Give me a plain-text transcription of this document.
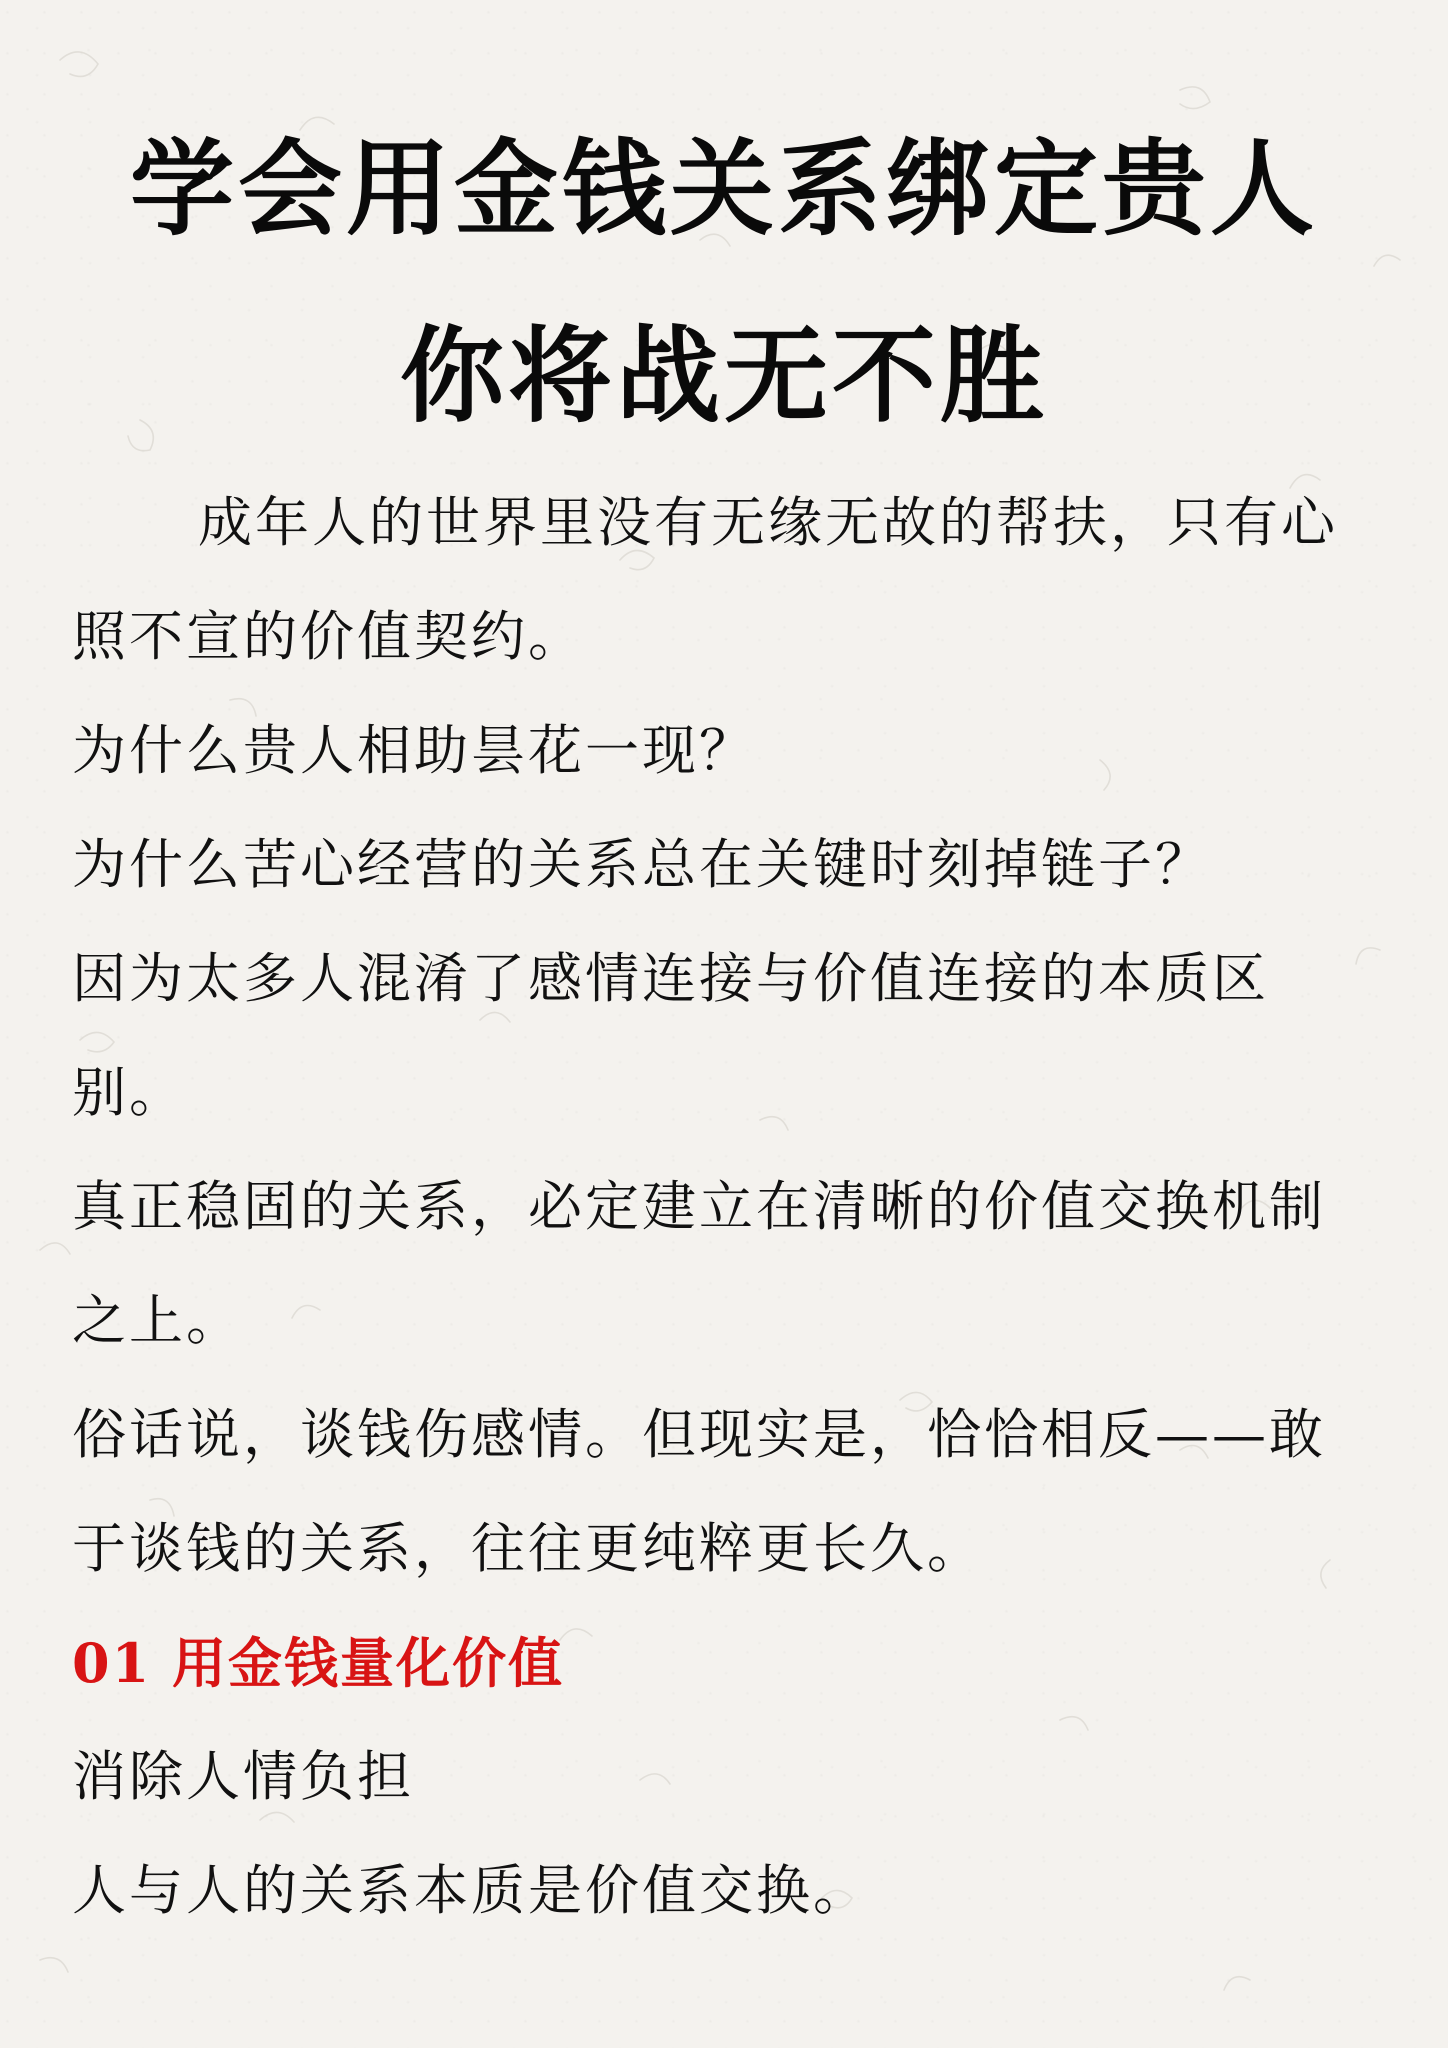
学会用金钱关系绑定贵人
你将战无不胜

成年人的世界里没有无缘无故的帮扶，只有心照不宣的价值契约。

为什么贵人相助昙花一现？

为什么苦心经营的关系总在关键时刻掉链子？

因为太多人混淆了感情连接与价值连接的本质区别。

真正稳固的关系，必定建立在清晰的价值交换机制之上。

俗话说，谈钱伤感情。但现实是，恰恰相反——敢于谈钱的关系，往往更纯粹更长久。

01 用金钱量化价值

消除人情负担

人与人的关系本质是价值交换。
